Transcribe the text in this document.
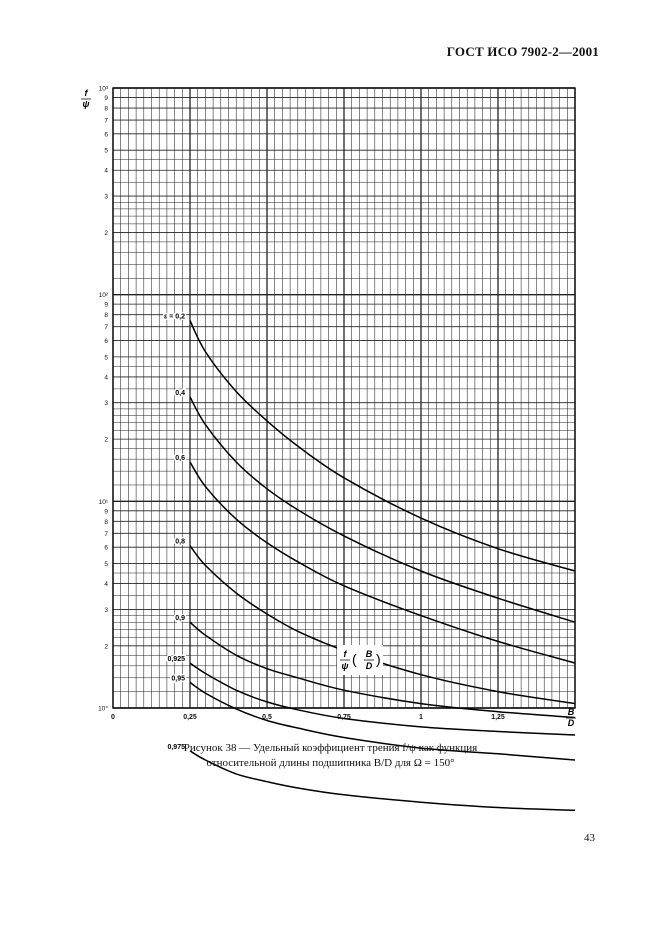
ГОСТ ИСО 7902-2—2001
10°
2
3
4
5
6
7
8
9
10¹
2
3
4
5
6
7
8
9
10²
2
3
4
5
6
7
8
9
10³
0	0,25	0,5	0,75	1	1,25
ε = 0,2
0,4
0,6
0,8
0,9
0,925
0,95
0,975
f
ψ
B
D
f
ψ ( B
D )
Рисунок 38 — Удельный коэффициент трения f/ψ как функция
относительной длины подшипника B/D для Ω = 150°
43
